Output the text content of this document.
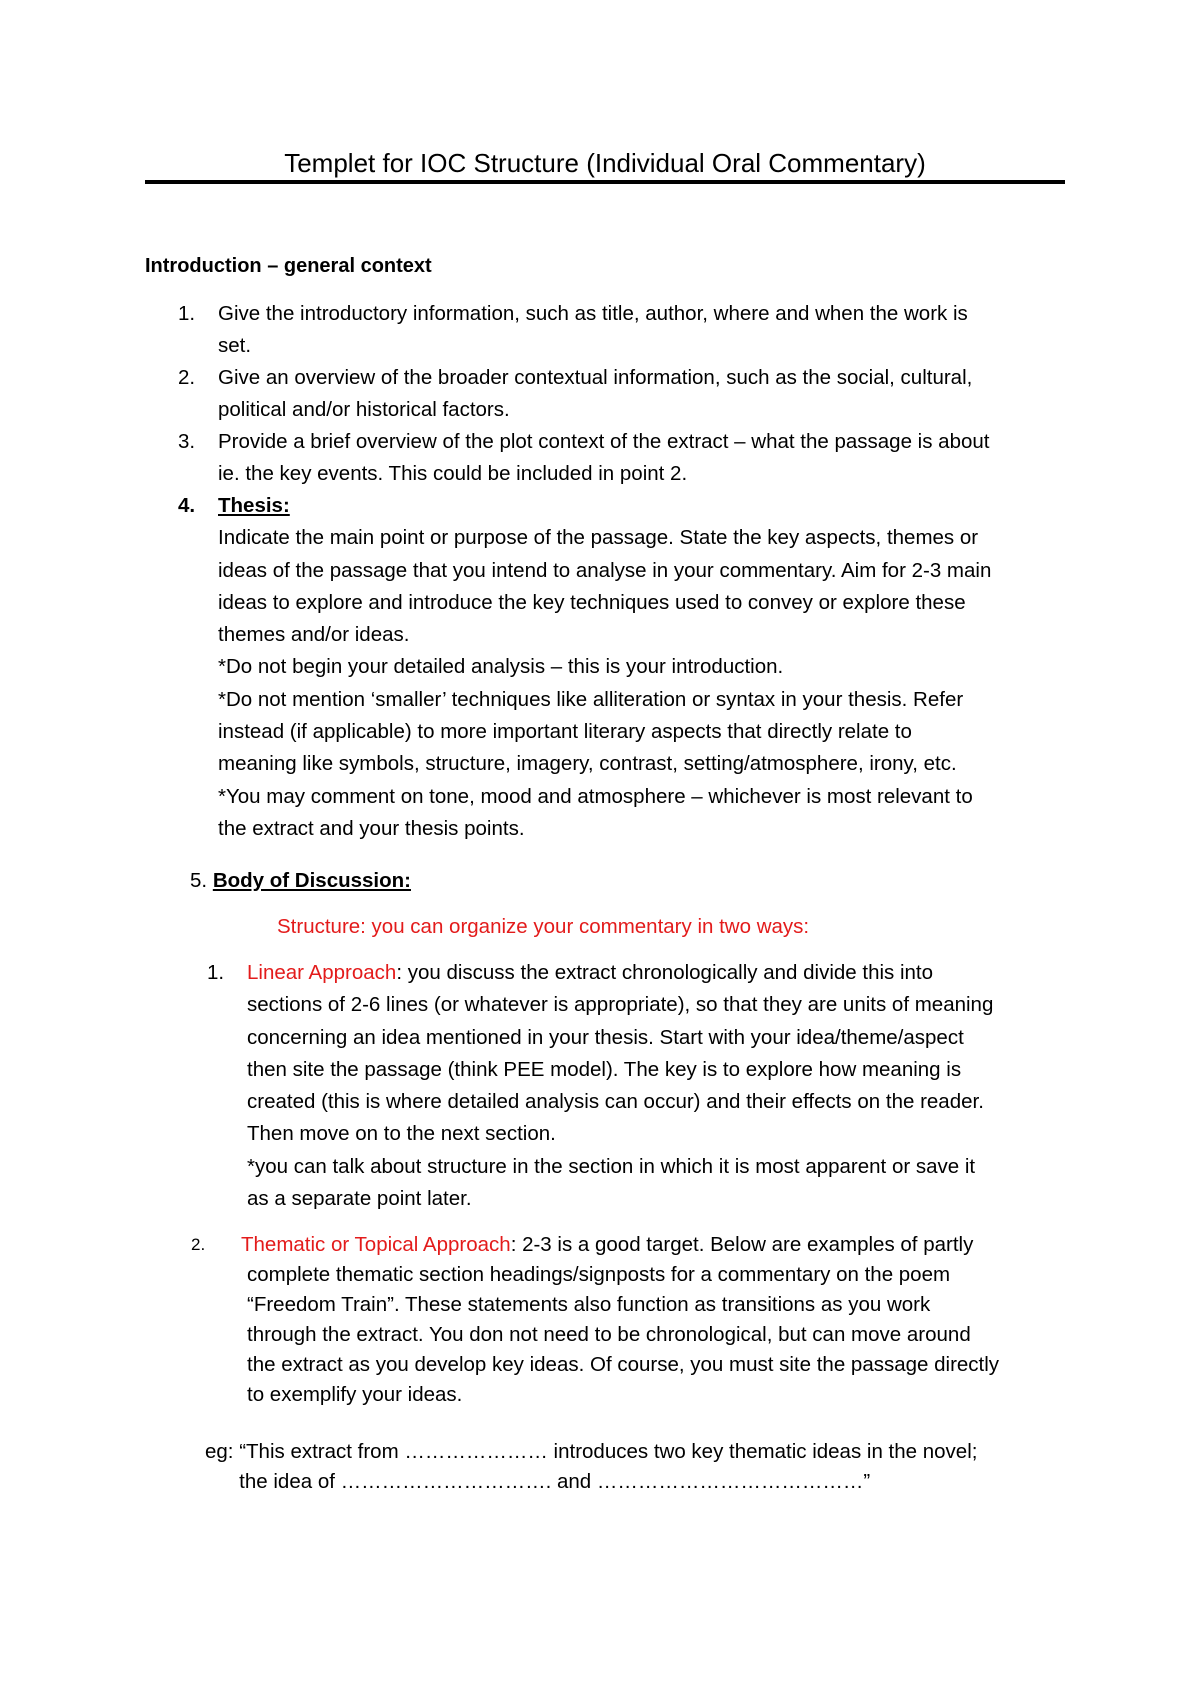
Templet for IOC Structure (Individual Oral Commentary)
Introduction – general context
1. Give the introductory information, such as title, author, where and when the work is
set.
2. Give an overview of the broader contextual information, such as the social, cultural,
political and/or historical factors.
3. Provide a brief overview of the plot context of the extract – what the passage is about
ie. the key events. This could be included in point 2.
4. Thesis:
Indicate the main point or purpose of the passage. State the key aspects, themes or
ideas of the passage that you intend to analyse in your commentary. Aim for 2-3 main
ideas to explore and introduce the key techniques used to convey or explore these
themes and/or ideas.
*Do not begin your detailed analysis – this is your introduction.
*Do not mention ‘smaller’ techniques like alliteration or syntax in your thesis. Refer
instead (if applicable) to more important literary aspects that directly relate to
meaning like symbols, structure, imagery, contrast, setting/atmosphere, irony, etc.
*You may comment on tone, mood and atmosphere – whichever is most relevant to
the extract and your thesis points.
5. Body of Discussion:
Structure: you can organize your commentary in two ways:
1. Linear Approach: you discuss the extract chronologically and divide this into
sections of 2-6 lines (or whatever is appropriate), so that they are units of meaning
concerning an idea mentioned in your thesis. Start with your idea/theme/aspect
then site the passage (think PEE model). The key is to explore how meaning is
created (this is where detailed analysis can occur) and their effects on the reader.
Then move on to the next section.
*you can talk about structure in the section in which it is most apparent or save it
as a separate point later.
2. Thematic or Topical Approach: 2-3 is a good target. Below are examples of partly
complete thematic section headings/signposts for a commentary on the poem
“Freedom Train”. These statements also function as transitions as you work
through the extract. You don not need to be chronological, but can move around
the extract as you develop key ideas. Of course, you must site the passage directly
to exemplify your ideas.
eg: “This extract from ………………… introduces two key thematic ideas in the novel;
the idea of …………………………. and …………………………………”
